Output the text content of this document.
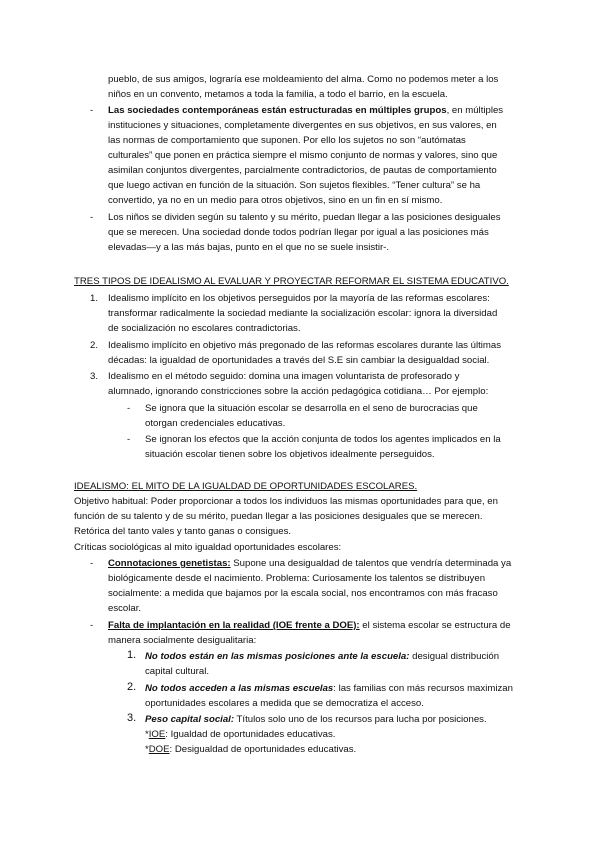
pueblo, de sus amigos, lograría ese moldeamiento del alma. Como no podemos meter a los
niños en un convento, metamos a toda la familia, a todo el barrio, en la escuela.
- Las sociedades contemporáneas están estructuradas en múltiples grupos, en múltiples
instituciones y situaciones, completamente divergentes en sus objetivos, en sus valores, en
las normas de comportamiento que suponen. Por ello los sujetos no son “autómatas
culturales” que ponen en práctica siempre el mismo conjunto de normas y valores, sino que
asimilan conjuntos divergentes, parcialmente contradictorios, de pautas de comportamiento
que luego activan en función de la situación. Son sujetos flexibles. “Tener cultura” se ha
convertido, ya no en un medio para otros objetivos, sino en un fin en sí mismo.
- Los niños se dividen según su talento y su mérito, puedan llegar a las posiciones desiguales
que se merecen. Una sociedad donde todos podrían llegar por igual a las posiciones más
elevadas—y a las más bajas, punto en el que no se suele insistir-.
TRES TIPOS DE IDEALISMO AL EVALUAR Y PROYECTAR REFORMAR EL SISTEMA EDUCATIVO.
1. Idealismo implícito en los objetivos perseguidos por la mayoría de las reformas escolares:
transformar radicalmente la sociedad mediante la socialización escolar: ignora la diversidad
de socialización no escolares contradictorias.
2. Idealismo implícito en objetivo más pregonado de las reformas escolares durante las últimas
décadas: la igualdad de oportunidades a través del S.E sin cambiar la desigualdad social.
3. Idealismo en el método seguido: domina una imagen voluntarista de profesorado y
alumnado, ignorando constricciones sobre la acción pedagógica cotidiana… Por ejemplo:
- Se ignora que la situación escolar se desarrolla en el seno de burocracias que
otorgan credenciales educativas.
- Se ignoran los efectos que la acción conjunta de todos los agentes implicados en la
situación escolar tienen sobre los objetivos idealmente perseguidos.
IDEALISMO: EL MITO DE LA IGUALDAD DE OPORTUNIDADES ESCOLARES.
Objetivo habitual: Poder proporcionar a todos los individuos las mismas oportunidades para que, en
función de su talento y de su mérito, puedan llegar a las posiciones desiguales que se merecen.
Retórica del tanto vales y tanto ganas o consigues.
Críticas sociológicas al mito igualdad oportunidades escolares:
- Connotaciones genetistas: Supone una desigualdad de talentos que vendría determinada ya
biológicamente desde el nacimiento. Problema: Curiosamente los talentos se distribuyen
socialmente: a medida que bajamos por la escala social, nos encontramos con más fracaso
escolar.
- Falta de implantación en la realidad (IOE frente a DOE): el sistema escolar se estructura de
manera socialmente desigualitaria:
1. No todos están en las mismas posiciones ante la escuela: desigual distribución
capital cultural.
2. No todos acceden a las mismas escuelas: las familias con más recursos maximizan
oportunidades escolares a medida que se democratiza el acceso.
3. Peso capital social: Títulos solo uno de los recursos para lucha por posiciones.
*IOE: Igualdad de oportunidades educativas.
*DOE: Desigualdad de oportunidades educativas.
